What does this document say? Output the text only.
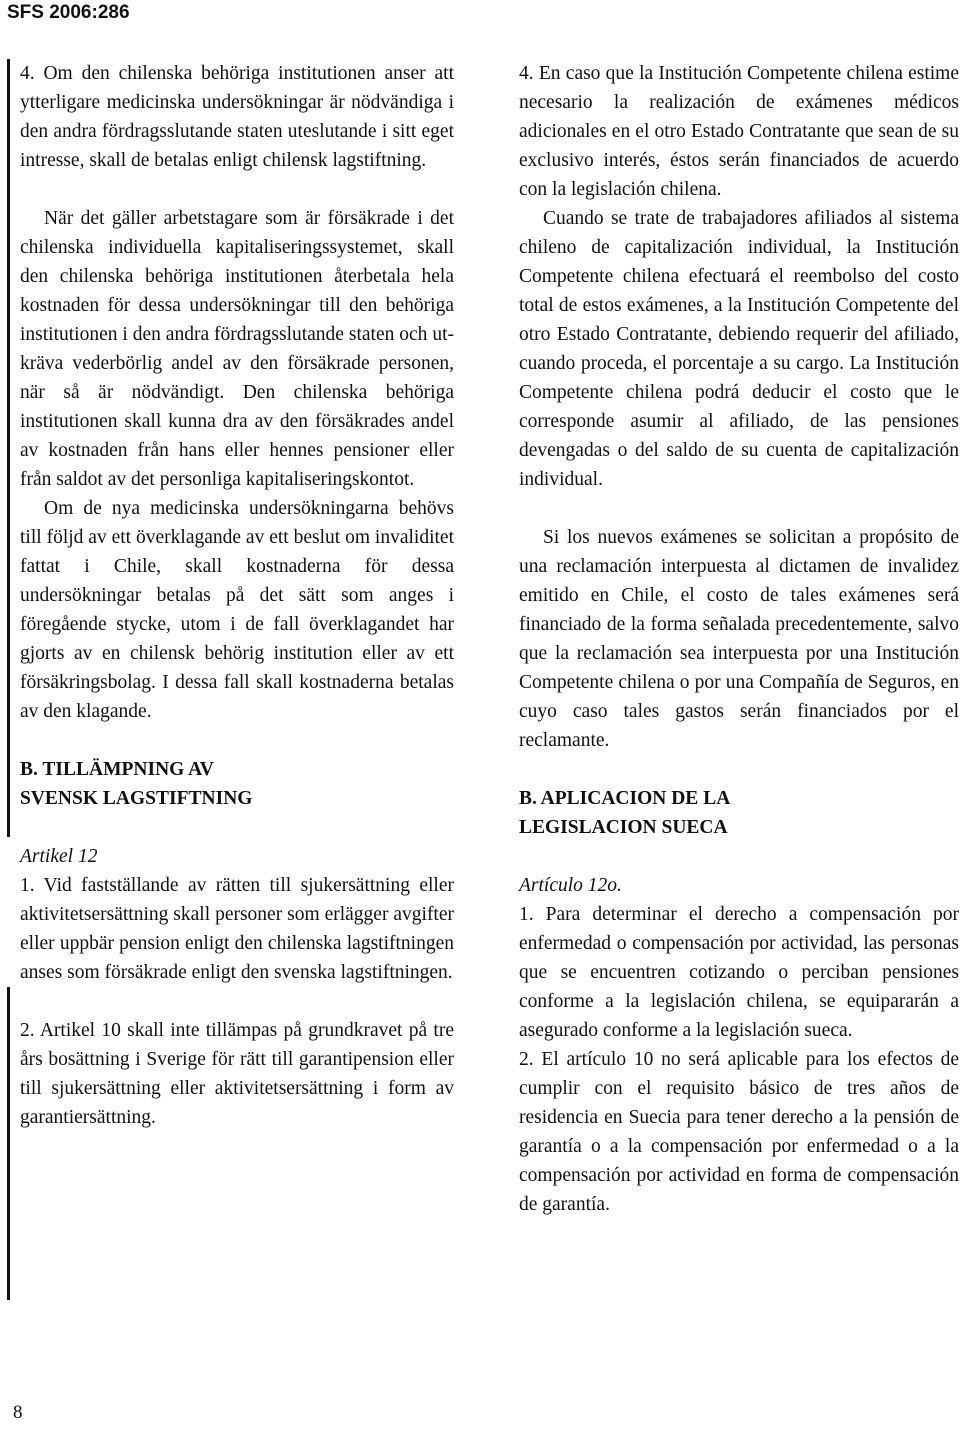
SFS 2006:286

4. Om den chilenska behöriga institutionen anser att ytterligare medicinska undersökningar är nödvändiga i den andra fördragsslutande staten uteslutande i sitt eget intresse, skall de betalas enligt chilensk lagstiftning.

När det gäller arbetstagare som är försäkrade i det chilenska individuella kapitaliseringssystemet, skall den chilenska behöriga institutionen återbetala hela kostnaden för dessa undersökningar till den behöriga institutionen i den andra fördragsslutande staten och utkräva vederbörlig andel av den försäkrade personen, när så är nödvändigt. Den chilenska behöriga institutionen skall kunna dra av den försäkrades andel av kostnaden från hans eller hennes pensioner eller från saldot av det personliga kapitaliseringskontot.

Om de nya medicinska undersökningarna behövs till följd av ett överklagande av ett beslut om invaliditet fattat i Chile, skall kostnaderna för dessa undersökningar betalas på det sätt som anges i föregående stycke, utom i de fall överklagandet har gjorts av en chilensk behörig institution eller av ett försäkringsbolag. I dessa fall skall kostnaderna betalas av den klagande.

B. TILLÄMPNING AV

SVENSK LAGSTIFTNING

Artikel 12

1. Vid fastställande av rätten till sjukersättning eller aktivitetsersättning skall personer som erlägger avgifter eller uppbär pension enligt den chilenska lagstiftningen anses som försäkrade enligt den svenska lagstiftningen.

2. Artikel 10 skall inte tillämpas på grundkravet på tre års bosättning i Sverige för rätt till garantipension eller till sjukersättning eller aktivitetsersättning i form av garantiersättning.

4. En caso que la Institución Competente chilena estime necesario la realización de exámenes médicos adicionales en el otro Estado Contratante que sean de su exclusivo interés, éstos serán financiados de acuerdo con la legislación chilena.

Cuando se trate de trabajadores afiliados al sistema chileno de capitalización individual, la Institución Competente chilena efectuará el reembolso del costo total de estos exámenes, a la Institución Competente del otro Estado Contratante, debiendo requerir del afiliado, cuando proceda, el porcentaje a su cargo. La Institución Competente chilena podrá deducir el costo que le corresponde asumir al afiliado, de las pensiones devengadas o del saldo de su cuenta de capitalización individual.

Si los nuevos exámenes se solicitan a propósito de una reclamación interpuesta al dictamen de invalidez emitido en Chile, el costo de tales exámenes será financiado de la forma señalada precedentemente, salvo que la reclamación sea interpuesta por una Institución Competente chilena o por una Compañía de Seguros, en cuyo caso tales gastos serán financiados por el reclamante.

B. APLICACION DE LA

LEGISLACION SUECA

Artículo 12o.

1. Para determinar el derecho a compensación por enfermedad o compensación por actividad, las personas que se encuentren cotizando o perciban pensiones conforme a la legislación chilena, se equipararán a asegurado conforme a la legislación sueca.

2. El artículo 10 no será aplicable para los efectos de cumplir con el requisito básico de tres años de residencia en Suecia para tener derecho a la pensión de garantía o a la compensación por enfermedad o a la compensación por actividad en forma de compensación de garantía.

8
